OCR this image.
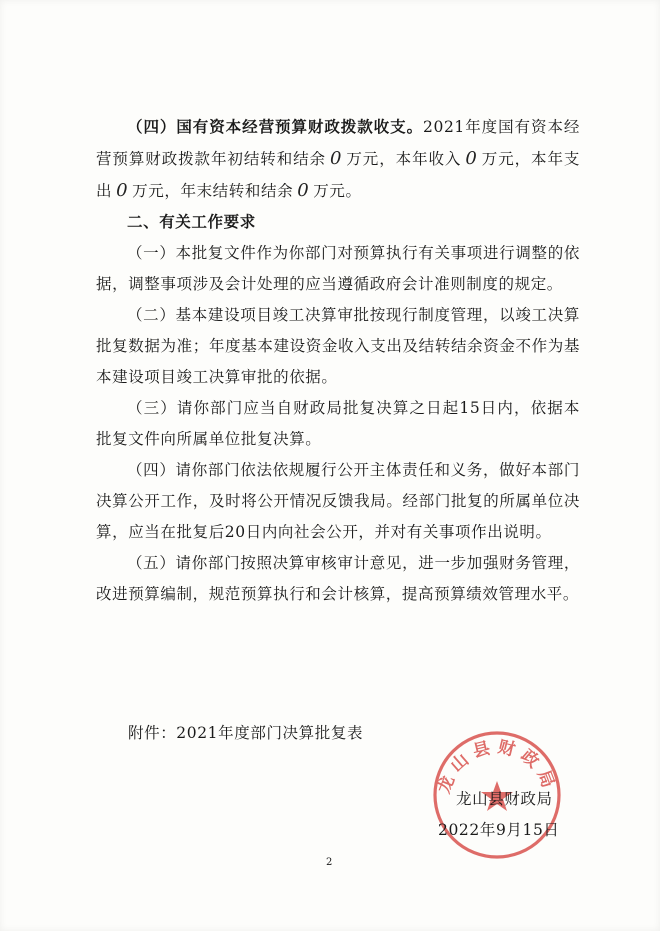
（四）国有资本经营预算财政拨款收支。2021年度国有资本经营预算财政拨款年初结转和结余 0 万元，本年收入 0 万元，本年支出 0 万元，年末结转和结余 0 万元。

二、有关工作要求

（一）本批复文件作为你部门对预算执行有关事项进行调整的依据，调整事项涉及会计处理的应当遵循政府会计准则制度的规定。

（二）基本建设项目竣工决算审批按现行制度管理，以竣工决算批复数据为准；年度基本建设资金收入支出及结转结余资金不作为基本建设项目竣工决算审批的依据。

（三）请你部门应当自财政局批复决算之日起15日内，依据本批复文件向所属单位批复决算。

（四）请你部门依法依规履行公开主体责任和义务，做好本部门决算公开工作，及时将公开情况反馈我局。经部门批复的所属单位决算，应当在批复后20日内向社会公开，并对有关事项作出说明。

（五）请你部门按照决算审核审计意见，进一步加强财务管理，改进预算编制，规范预算执行和会计核算，提高预算绩效管理水平。

附件：2021年度部门决算批复表
龙山县财政局
龙山县财政局
2022年9月15日
2
